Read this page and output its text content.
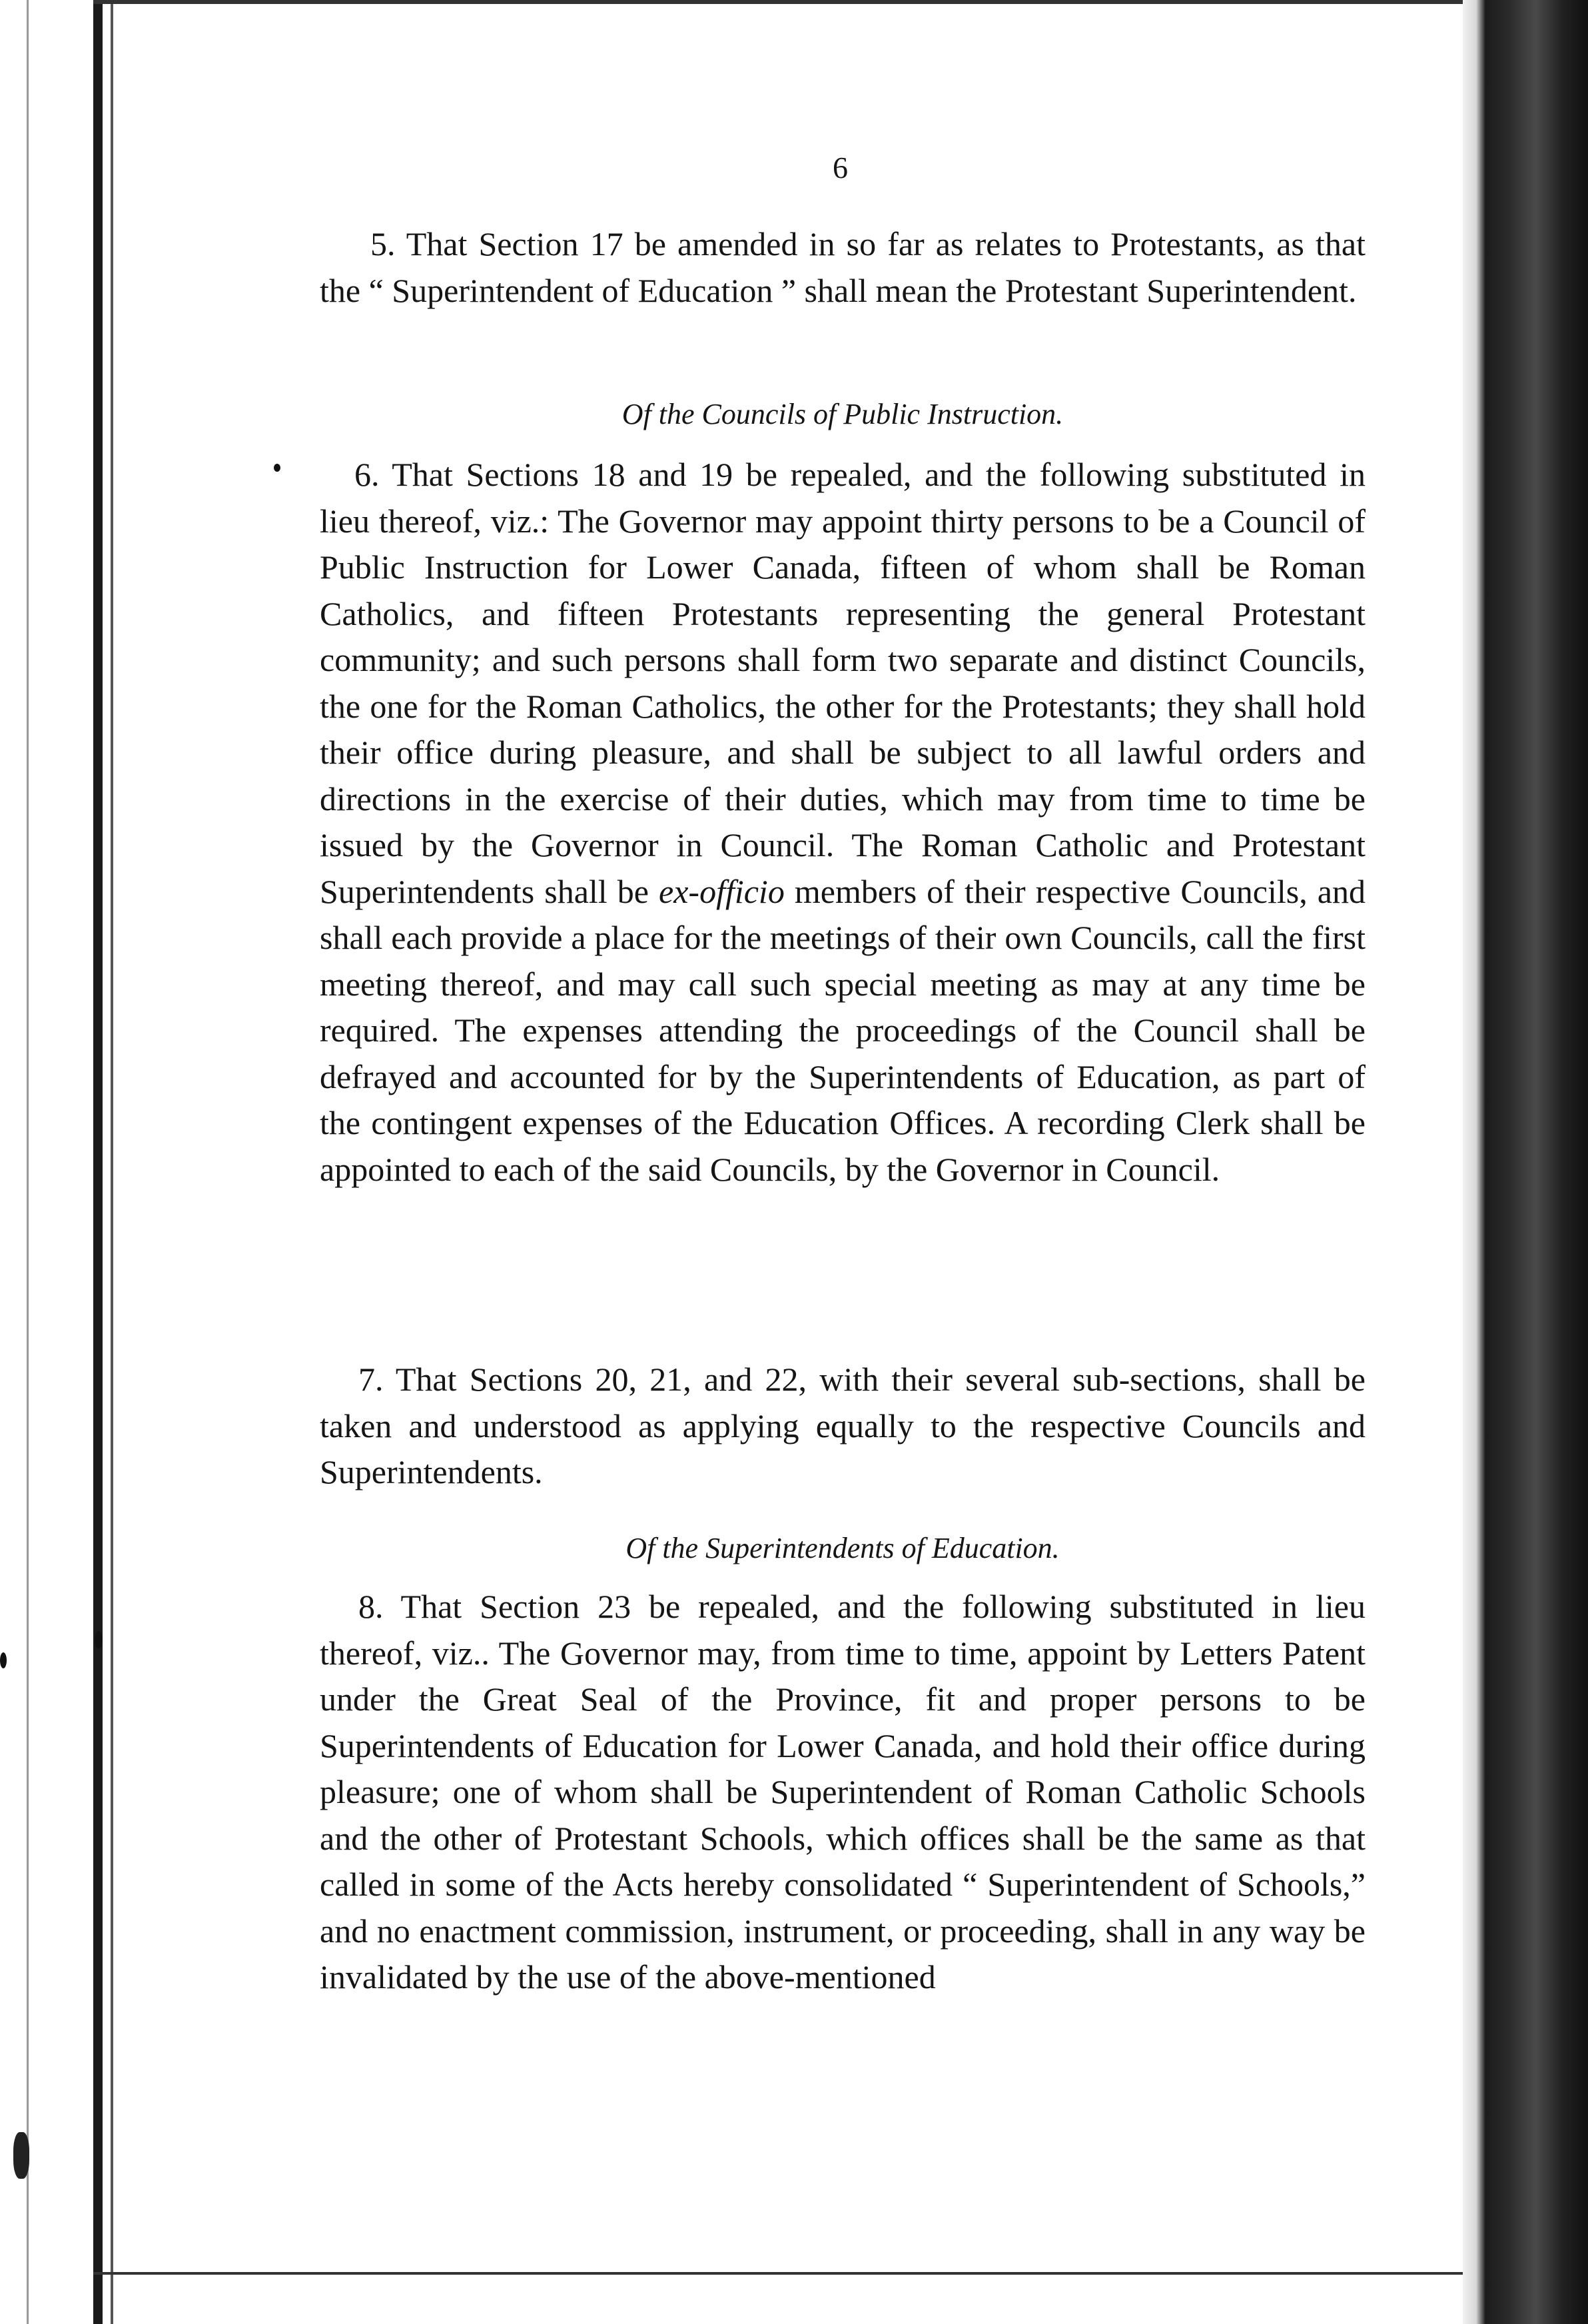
6

5. That Section 17 be amended in so far as relates to Protestants, as that the “ Superintendent of Education ” shall mean the Protestant Superintendent.

Of the Councils of Public Instruction.

6. That Sections 18 and 19 be repealed, and the following substituted in lieu thereof, viz.: The Governor may appoint thirty persons to be a Council of Public Instruction for Lower Canada, fifteen of whom shall be Roman Catholics, and fifteen Protestants representing the general Protestant community; and such persons shall form two separate and distinct Councils, the one for the Roman Catholics, the other for the Protestants; they shall hold their office during pleasure, and shall be subject to all lawful orders and directions in the exercise of their duties, which may from time to time be issued by the Governor in Council. The Roman Catholic and Protestant Superintendents shall be ex-officio members of their respective Councils, and shall each provide a place for the meetings of their own Councils, call the first meeting thereof, and may call such special meeting as may at any time be required. The expenses attending the proceedings of the Council shall be defrayed and accounted for by the Superintendents of Education, as part of the contingent expenses of the Education Offices. A recording Clerk shall be appointed to each of the said Councils, by the Governor in Council.

7. That Sections 20, 21, and 22, with their several sub-sections, shall be taken and understood as applying equally to the respective Councils and Superintendents.

Of the Superintendents of Education.

8. That Section 23 be repealed, and the following substituted in lieu thereof, viz.. The Governor may, from time to time, appoint by Letters Patent under the Great Seal of the Province, fit and proper persons to be Superintendents of Education for Lower Canada, and hold their office during pleasure; one of whom shall be Superintendent of Roman Catholic Schools and the other of Protestant Schools, which offices shall be the same as that called in some of the Acts hereby consolidated “ Superintendent of Schools,” and no enactment commission, instrument, or proceeding, shall in any way be invalidated by the use of the above-mentioned
